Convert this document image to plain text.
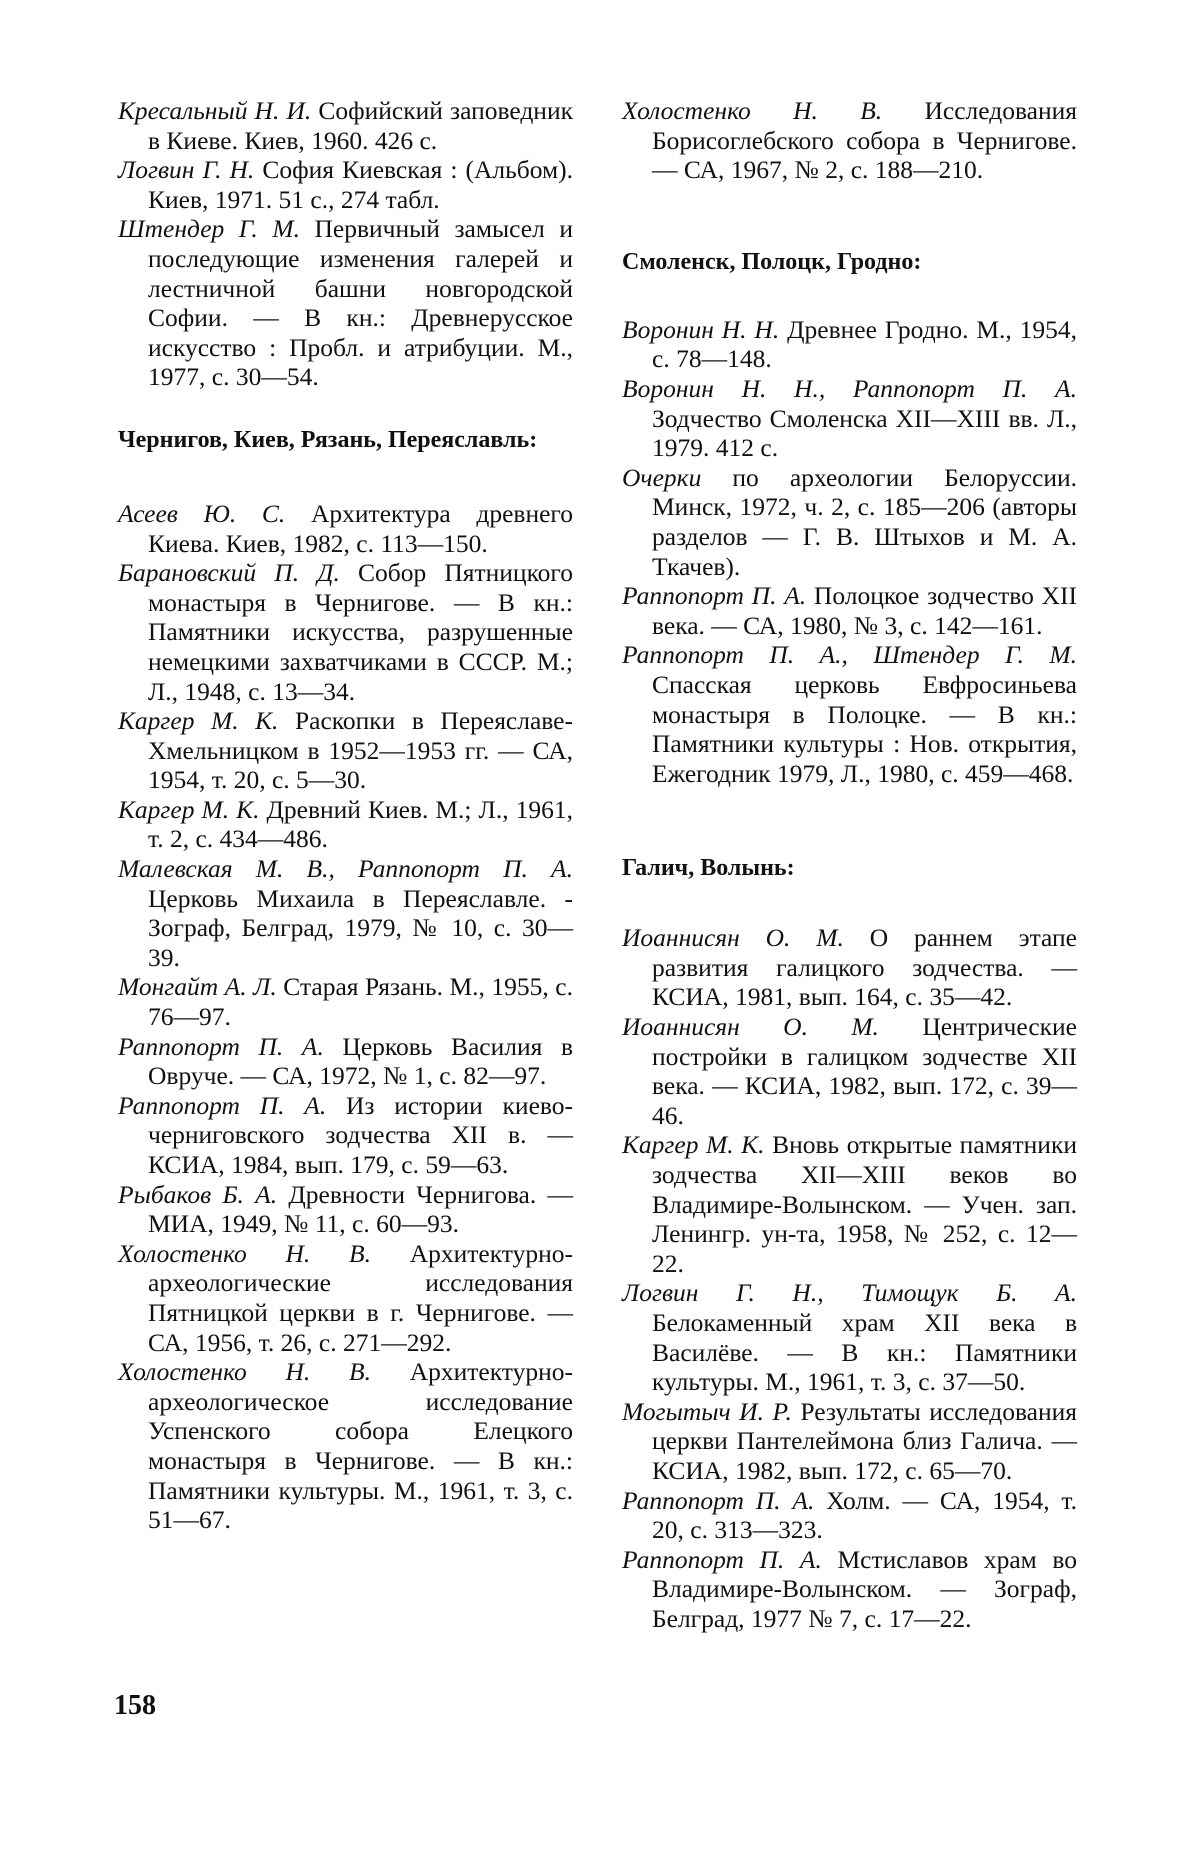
Кресальный Н. И. Софийский заповедник в Киеве. Киев, 1960. 426 с.

Логвин Г. Н. София Киевская : (Альбом). Киев, 1971. 51 с., 274 табл.

Штендер Г. М. Первичный замысел и последующие изменения галерей и лестничной башни новгородской Софии. — В кн.: Древнерусское искусство : Пробл. и атрибуции. М., 1977, с. 30—54.

Чернигов, Киев, Рязань, Переяславль:

Асеев Ю. С. Архитектура древнего Киева. Киев, 1982, с. 113—150.

Барановский П. Д. Собор Пятницкого монастыря в Чернигове. — В кн.: Памятники искусства, разрушенные немецкими захватчиками в СССР. М.; Л., 1948, с. 13—34.

Каргер М. К. Раскопки в Переяславе-Хмельницком в 1952—1953 гг. — СА, 1954, т. 20, с. 5—30.

Каргер М. К. Древний Киев. М.; Л., 1961, т. 2, с. 434—486.

Малевская М. В., Раппопорт П. А. Церковь Михаила в Переяславле. - Зограф, Белград, 1979, № 10, с. 30—39.

Монгайт А. Л. Старая Рязань. М., 1955, с. 76—97.

Раппопорт П. А. Церковь Василия в Овруче. — СА, 1972, № 1, с. 82—97.

Раппопорт П. А. Из истории киево-черниговского зодчества XII в. — КСИА, 1984, вып. 179, с. 59—63.

Рыбаков Б. А. Древности Чернигова. — МИА, 1949, № 11, с. 60—93.

Холостенко Н. В. Архитектурно-археологические исследования Пятницкой церкви в г. Чернигове. — СА, 1956, т. 26, с. 271—292.

Холостенко Н. В. Архитектурно-археологическое исследование Успенского собора Елецкого монастыря в Чернигове. — В кн.: Памятники культуры. М., 1961, т. 3, с. 51—67.

Холостенко Н. В. Исследования Борисоглебского собора в Чернигове. — СА, 1967, № 2, с. 188—210.

Смоленск, Полоцк, Гродно:

Воронин Н. Н. Древнее Гродно. М., 1954, с. 78—148.

Воронин Н. Н., Раппопорт П. А. Зодчество Смоленска XII—XIII вв. Л., 1979. 412 с.

Очерки по археологии Белоруссии. Минск, 1972, ч. 2, с. 185—206 (авторы разделов — Г. В. Штыхов и М. А. Ткачев).

Раппопорт П. А. Полоцкое зодчество XII века. — СА, 1980, № 3, с. 142—161.

Раппопорт П. А., Штендер Г. М. Спасская церковь Евфросиньева монастыря в Полоцке. — В кн.: Памятники культуры : Нов. открытия, Ежегодник 1979, Л., 1980, с. 459—468.

Галич, Волынь:

Иоаннисян О. М. О раннем этапе развития галицкого зодчества. — КСИА, 1981, вып. 164, с. 35—42.

Иоаннисян О. М. Центрические постройки в галицком зодчестве XII века. — КСИА, 1982, вып. 172, с. 39—46.

Каргер М. К. Вновь открытые памятники зодчества XII—XIII веков во Владимире-Волынском. — Учен. зап. Ленингр. ун-та, 1958, № 252, с. 12—22.

Логвин Г. Н., Тимощук Б. А. Белокаменный храм XII века в Василёве. — В кн.: Памятники культуры. М., 1961, т. 3, с. 37—50.

Могытыч И. Р. Результаты исследования церкви Пантелеймона близ Галича. — КСИА, 1982, вып. 172, с. 65—70.

Раппопорт П. А. Холм. — СА, 1954, т. 20, с. 313—323.

Раппопорт П. А. Мстиславов храм во Владимире-Волынском. — Зограф, Белград, 1977 № 7, с. 17—22.

158
